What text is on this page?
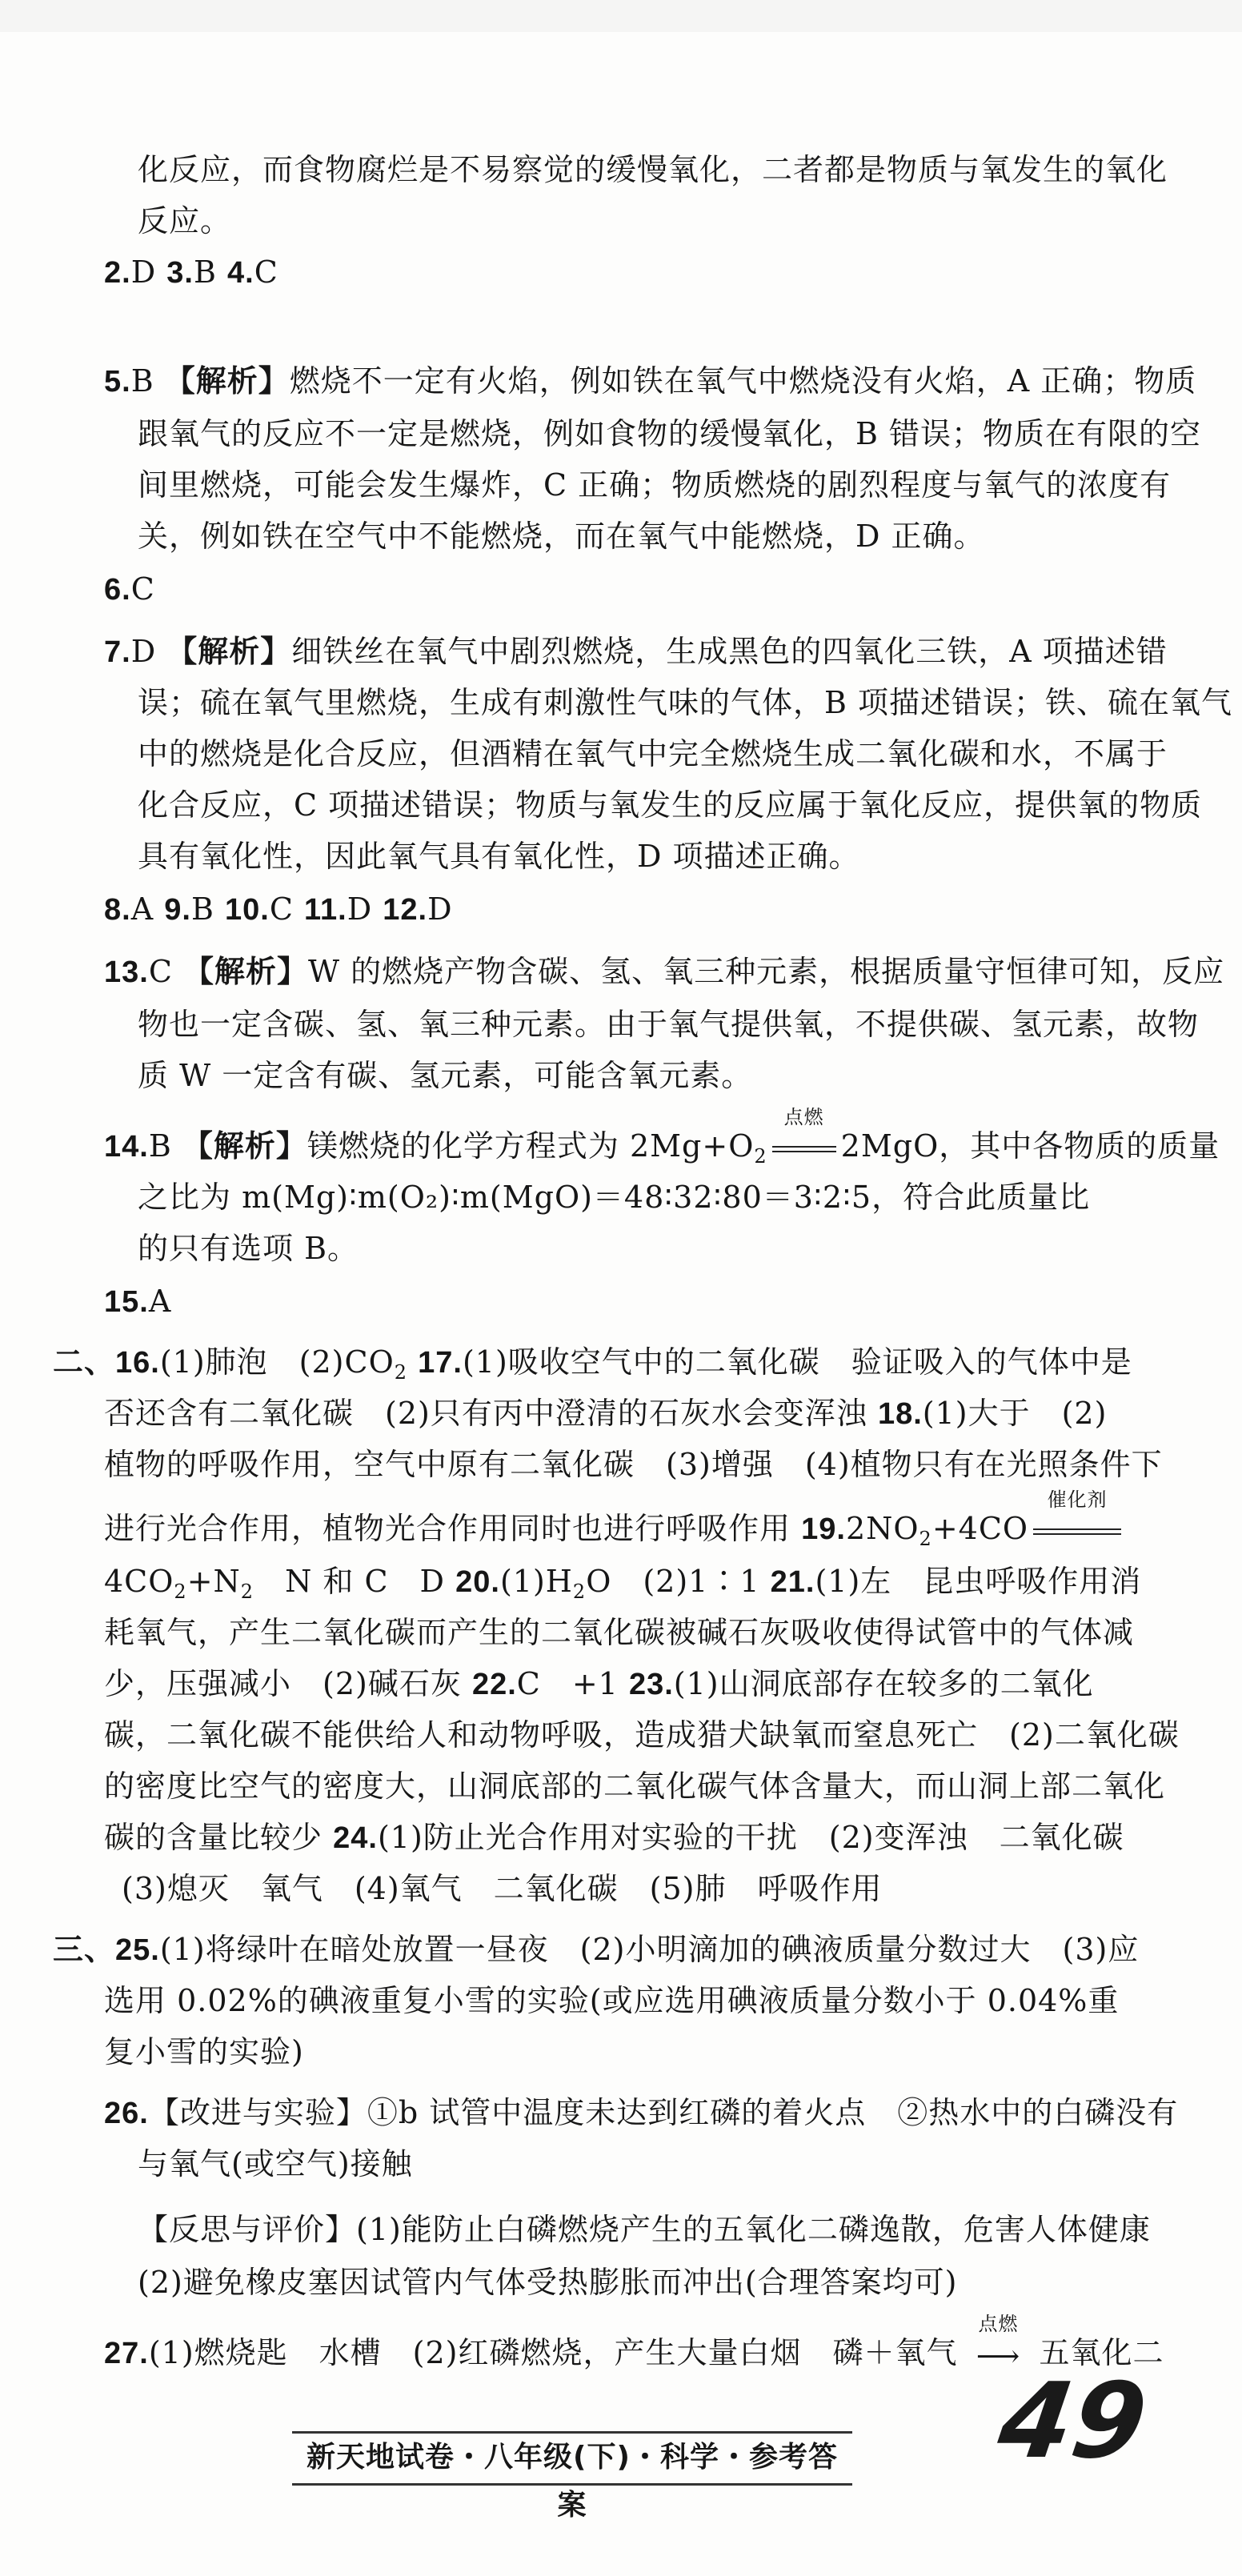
化反应，而食物腐烂是不易察觉的缓慢氧化，二者都是物质与氧发生的氧化
反应。
2.D 3.B 4.C
5.B 【解析】燃烧不一定有火焰，例如铁在氧气中燃烧没有火焰，A 正确；物质
跟氧气的反应不一定是燃烧，例如食物的缓慢氧化，B 错误；物质在有限的空
间里燃烧，可能会发生爆炸，C 正确；物质燃烧的剧烈程度与氧气的浓度有
关，例如铁在空气中不能燃烧，而在氧气中能燃烧，D 正确。
6.C
7.D 【解析】细铁丝在氧气中剧烈燃烧，生成黑色的四氧化三铁，A 项描述错
误；硫在氧气里燃烧，生成有刺激性气味的气体，B 项描述错误；铁、硫在氧气
中的燃烧是化合反应，但酒精在氧气中完全燃烧生成二氧化碳和水，不属于
化合反应，C 项描述错误；物质与氧发生的反应属于氧化反应，提供氧的物质
具有氧化性，因此氧气具有氧化性，D 项描述正确。
8.A 9.B 10.C 11.D 12.D
13.C 【解析】W 的燃烧产物含碳、氢、氧三种元素，根据质量守恒律可知，反应
物也一定含碳、氢、氧三种元素。由于氧气提供氧，不提供碳、氢元素，故物
质 W 一定含有碳、氢元素，可能含氧元素。
14.B 【解析】镁燃烧的化学方程式为 $2Mg+O_2$
点燃
2MgO，其中各物质的质量
之比为 m(Mg)∶m(O₂)∶m(MgO)＝48∶32∶80＝3∶2∶5，符合此质量比
的只有选项 B。
15.A
二、16.(1)肺泡　$(2)CO_2$ 17.(1)吸收空气中的二氧化碳　验证吸入的气体中是
否还含有二氧化碳　(2)只有丙中澄清的石灰水会变浑浊 18.(1)大于　(2)
植物的呼吸作用，空气中原有二氧化碳　(3)增强　(4)植物只有在光照条件下
进行光合作用，植物光合作用同时也进行呼吸作用 $19.2NO_2+4CO$
催化剂
$4CO_2+N_2$　N 和 C　D $20.(1)H_2O$　(2)1∶1 21.(1)左　昆虫呼吸作用消
耗氧气，产生二氧化碳而产生的二氧化碳被碱石灰吸收使得试管中的气体减
少，压强减小　(2)碱石灰 22.C　+1 23.(1)山洞底部存在较多的二氧化
碳，二氧化碳不能供给人和动物呼吸，造成猎犬缺氧而窒息死亡　(2)二氧化碳
的密度比空气的密度大，山洞底部的二氧化碳气体含量大，而山洞上部二氧化
碳的含量比较少 24.(1)防止光合作用对实验的干扰　(2)变浑浊　二氧化碳
(3)熄灭　氧气　(4)氧气　二氧化碳　(5)肺　呼吸作用
三、25.(1)将绿叶在暗处放置一昼夜　(2)小明滴加的碘液质量分数过大　(3)应
选用 0.02%的碘液重复小雪的实验(或应选用碘液质量分数小于 0.04%重
复小雪的实验)
26.【改进与实验】①b 试管中温度未达到红磷的着火点　②热水中的白磷没有
与氧气(或空气)接触
【反思与评价】(1)能防止白磷燃烧产生的五氧化二磷逸散，危害人体健康
(2)避免橡皮塞因试管内气体受热膨胀而冲出(合理答案均可)
27.(1)燃烧匙　水槽　(2)红磷燃烧，产生大量白烟　磷＋氧气
点燃
⟶ 五氧化二
新天地试卷・八年级(下)・科学・参考答案
49
